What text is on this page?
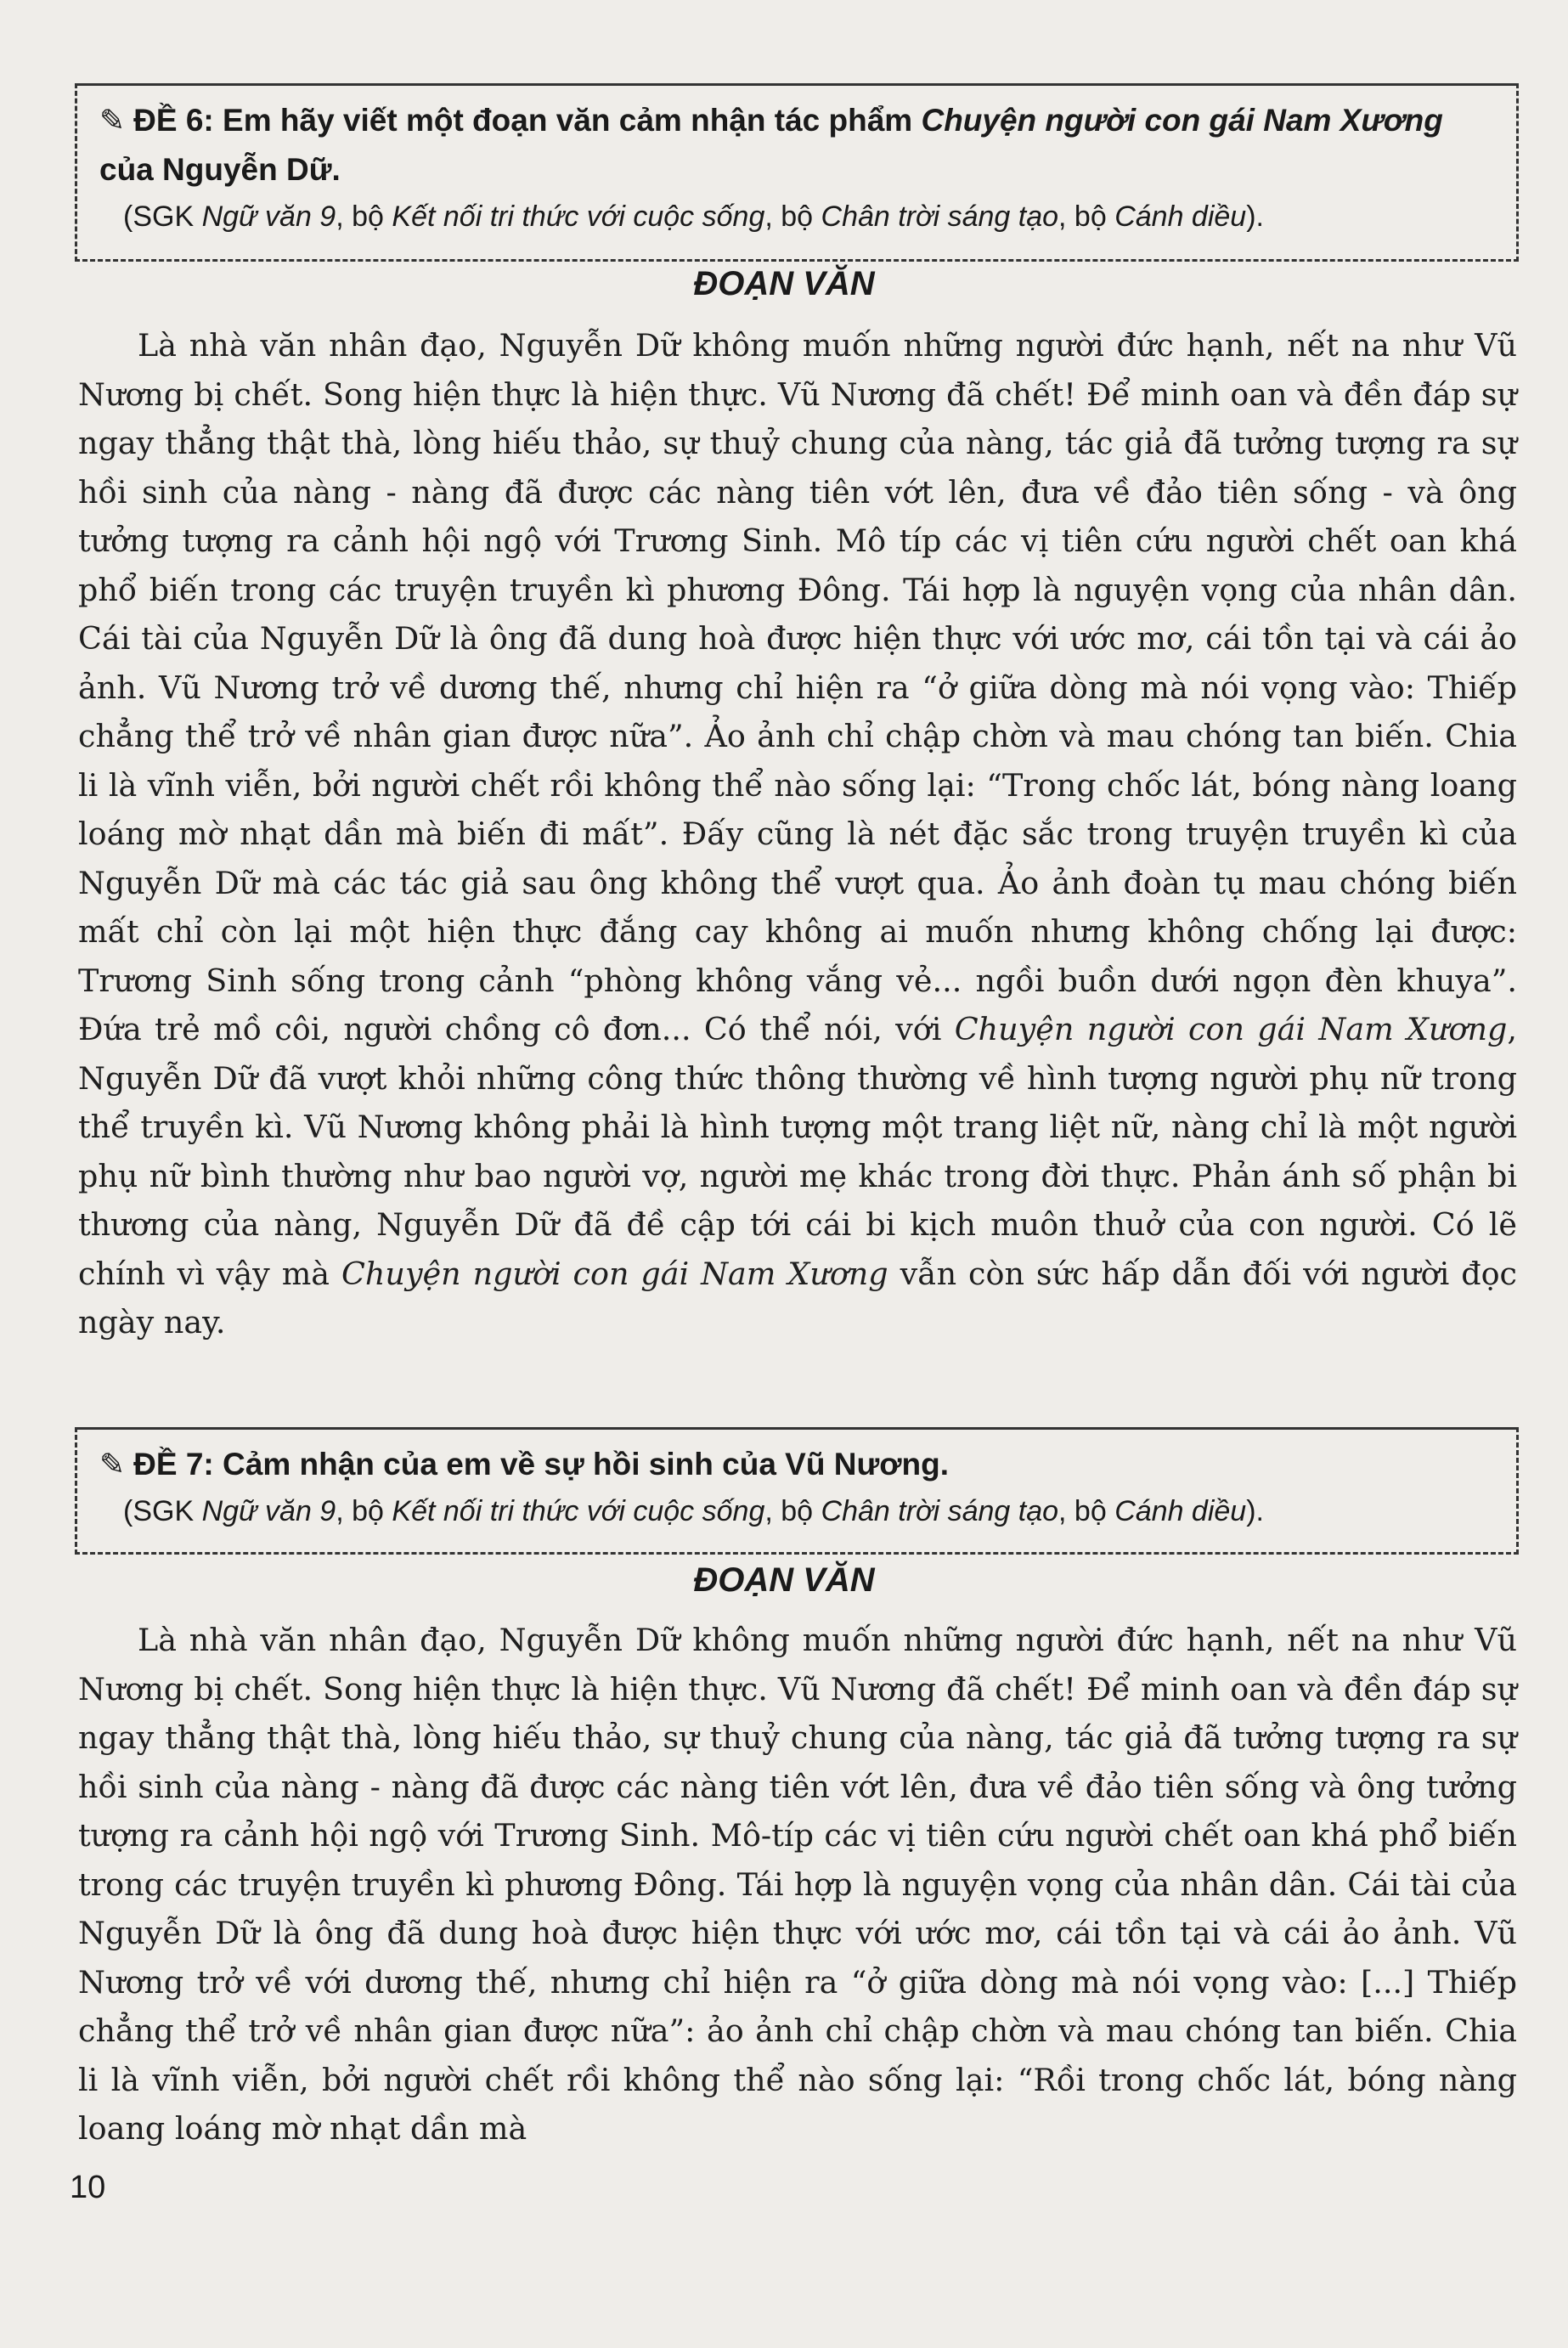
✎ ĐỀ 6: Em hãy viết một đoạn văn cảm nhận tác phẩm Chuyện người con gái Nam Xương của Nguyễn Dữ.
(SGK Ngữ văn 9, bộ Kết nối tri thức với cuộc sống, bộ Chân trời sáng tạo, bộ Cánh diều).
ĐOẠN VĂN

Là nhà văn nhân đạo, Nguyễn Dữ không muốn những người đức hạnh, nết na như Vũ Nương bị chết. Song hiện thực là hiện thực. Vũ Nương đã chết! Để minh oan và đền đáp sự ngay thẳng thật thà, lòng hiếu thảo, sự thuỷ chung của nàng, tác giả đã tưởng tượng ra sự hồi sinh của nàng - nàng đã được các nàng tiên vớt lên, đưa về đảo tiên sống - và ông tưởng tượng ra cảnh hội ngộ với Trương Sinh. Mô típ các vị tiên cứu người chết oan khá phổ biến trong các truyện truyền kì phương Đông. Tái hợp là nguyện vọng của nhân dân. Cái tài của Nguyễn Dữ là ông đã dung hoà được hiện thực với ước mơ, cái tồn tại và cái ảo ảnh. Vũ Nương trở về dương thế, nhưng chỉ hiện ra “ở giữa dòng mà nói vọng vào: Thiếp chẳng thể trở về nhân gian được nữa”. Ảo ảnh chỉ chập chờn và mau chóng tan biến. Chia li là vĩnh viễn, bởi người chết rồi không thể nào sống lại: “Trong chốc lát, bóng nàng loang loáng mờ nhạt dần mà biến đi mất”. Đấy cũng là nét đặc sắc trong truyện truyền kì của Nguyễn Dữ mà các tác giả sau ông không thể vượt qua. Ảo ảnh đoàn tụ mau chóng biến mất chỉ còn lại một hiện thực đắng cay không ai muốn nhưng không chống lại được: Trương Sinh sống trong cảnh “phòng không vắng vẻ... ngồi buồn dưới ngọn đèn khuya”. Đứa trẻ mồ côi, người chồng cô đơn... Có thể nói, với Chuyện người con gái Nam Xương, Nguyễn Dữ đã vượt khỏi những công thức thông thường về hình tượng người phụ nữ trong thể truyền kì. Vũ Nương không phải là hình tượng một trang liệt nữ, nàng chỉ là một người phụ nữ bình thường như bao người vợ, người mẹ khác trong đời thực. Phản ánh số phận bi thương của nàng, Nguyễn Dữ đã đề cập tới cái bi kịch muôn thuở của con người. Có lẽ chính vì vậy mà Chuyện người con gái Nam Xương vẫn còn sức hấp dẫn đối với người đọc ngày nay.

✎ ĐỀ 7: Cảm nhận của em về sự hồi sinh của Vũ Nương.
(SGK Ngữ văn 9, bộ Kết nối tri thức với cuộc sống, bộ Chân trời sáng tạo, bộ Cánh diều).
ĐOẠN VĂN

Là nhà văn nhân đạo, Nguyễn Dữ không muốn những người đức hạnh, nết na như Vũ Nương bị chết. Song hiện thực là hiện thực. Vũ Nương đã chết! Để minh oan và đền đáp sự ngay thẳng thật thà, lòng hiếu thảo, sự thuỷ chung của nàng, tác giả đã tưởng tượng ra sự hồi sinh của nàng - nàng đã được các nàng tiên vớt lên, đưa về đảo tiên sống và ông tưởng tượng ra cảnh hội ngộ với Trương Sinh. Mô-típ các vị tiên cứu người chết oan khá phổ biến trong các truyện truyền kì phương Đông. Tái hợp là nguyện vọng của nhân dân. Cái tài của Nguyễn Dữ là ông đã dung hoà được hiện thực với ước mơ, cái tồn tại và cái ảo ảnh. Vũ Nương trở về với dương thế, nhưng chỉ hiện ra “ở giữa dòng mà nói vọng vào: [...] Thiếp chẳng thể trở về nhân gian được nữa”: ảo ảnh chỉ chập chờn và mau chóng tan biến. Chia li là vĩnh viễn, bởi người chết rồi không thể nào sống lại: “Rồi trong chốc lát, bóng nàng loang loáng mờ nhạt dần mà

10
